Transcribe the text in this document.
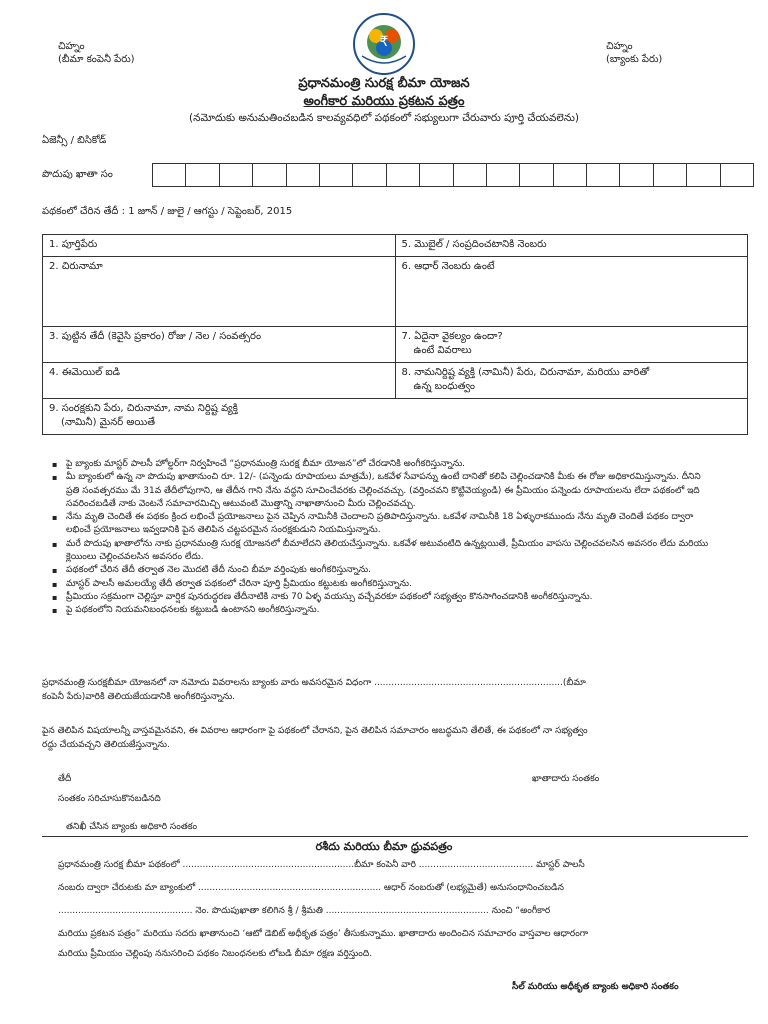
చిహ్నం
(బీమా కంపెనీ పేరు)
చిహ్నం
(బ్యాంకు పేరు)
₹
ప్రధానమంత్రి సురక్ష బీమా యోజన
అంగీకార మరియు ప్రకటన పత్రం
(నమోదుకు అనుమతించబడిన కాలవ్యవధిలో పథకంలో సభ్యులుగా చేరువారు పూర్తి చేయవలెను)
ఏజెన్సీ / బిసికోడ్
పొదుపు ఖాతా సం
పథకంలో చేరిన తేదీ : 1 జూన్ / జులై / ఆగస్టు / సెప్టెంబర్, 2015
1. పూర్తిపేరు	5. మొబైల్ / సంప్రదించటానికి నెంబరు
2. చిరునామా	6. ఆధార్ నెంబరు ఉంటే
3. పుట్టిన తేదీ (కెవైసి ప్రకారం) రోజు / నెల / సంవత్సరం	7. ఏదైనా వైకల్యం ఉందా?
ఉంటే వివరాలు

4. ఈమెయిల్ ఐడి	8. నామనిర్దిష్ట వ్యక్తి (నామినీ) పేరు, చిరునామా, మరియు వారితో
ఉన్న బంధుత్వం

9. సంరక్షకుని పేరు, చిరునామా, నామ నిర్దిష్ట వ్యక్తి
(నామినీ) మైనర్ అయితే	
▪ పై బ్యాంకు మాస్టర్ పాలసీ హోల్డర్‌గా నిర్వహించే “ప్రధానమంత్రి సురక్ష బీమా యోజన”లో చేరడానికి అంగీకరిస్తున్నాను.
▪ మీ బ్యాంకులో ఉన్న నా పొదుపు ఖాతానుంచి రూ. 12/- (పన్నెండు రూపాయలు మాత్రమే), ఒకవేళ సేవాపన్ను ఉంటే దానితో కలిపి చెల్లించడానికి మీకు ఈ రోజు అధికారమిస్తున్నాను. దీనిని ప్రతి సంవత్సరము మే 31వ తేదీలోపుగాని, ఆ తేదీన గాని నేను వద్దని సూచించేవరకు చెల్లించవచ్చు. (వర్తించవని కొట్టివెయ్యండి) ఈ ప్రీమియం పన్నెండు రూపాయలను లేదా పథకంలో ఇది సవరించబడితే నాకు వెంటనే సమాచారమిచ్చి ఆటువంటి మొత్తాన్ని నాఖాతానుంచి మీరు చెల్లించవచ్చు.
▪ నేను మృతి చెందితే ఈ పథకం క్రింద లభించే ప్రయోజనాలు పైన చెప్పిన నామినీకి చెందాలని ప్రతిపాదిస్తున్నాను. ఒకవేళ నామినీకి 18 ఏళ్ళురాకముందు నేను మృతి చెందితే పథకం ద్వారా లభించే ప్రయోజనాలు ఇవ్వడానికి పైన తెలిపిన చట్టపరమైన సంరక్షకుడుని నియమిస్తున్నాను.
▪ మరే పొదుపు ఖాతాలోను నాకు ప్రధానమంత్రి సురక్ష యోజనలో బీమాలేదని తెలియచేస్తున్నాను. ఒకవేళ అటువంటిది ఉన్నట్లయితే, ప్రీమియం వాపసు చెల్లించవలసిన అవసరం లేదు మరియు క్లెయింలు చెల్లించవలసిన అవసరం లేదు.
▪ పథకంలో చేరిన తేదీ తర్వాత నెల మొదటి తేదీ నుంచి బీమా వర్తింపుకు అంగీకరిస్తున్నాను.
▪ మాస్టర్ పాలసీ అమలయ్యే తేదీ తర్వాత పథకంలో చేరినా పూర్తి ప్రీమియం కట్టుటకు అంగీకరిస్తున్నాను.
▪ ప్రీమియం సక్రమంగా చెల్లిస్తూ వార్షిక పునరుద్ధరణ తేదీనాటికి నాకు 70 ఏళ్ళ వయస్సు వచ్చేవరకూ పథకంలో సభ్యత్వం కొనసాగించడానికి అంగీకరిస్తున్నాను.
▪ పై పథకంలోని నియమనిబంధనలకు కట్టుబడి ఉంటానని అంగీకరిస్తున్నాను.
ప్రధానమంత్రి సురక్షబీమా యోజనలో నా నమోదు వివరాలను బ్యాంకు వారు అవసరమైన విధంగా ..................................................................(బీమా
కంపెనీ పేరు)వారికి తెలియజేయడానికి అంగీకరిస్తున్నాను.
పైన తెలిపిన విషయాలన్నీ వాస్తవమైనవని, ఈ వివరాల ఆధారంగా పై పథకంలో చేరానని, పైన తెలిపిన సమాచారం అబద్ధమని తేలితే, ఈ పథకంలో నా సభ్యత్వం
రద్దు చేయవచ్చని తెలియజేస్తున్నాను.
తేదీ	ఖాతాదారు సంతకం
సంతకం సరిచూసుకొనబడినది
తనిఖీ చేసిన బ్యాంకు అధికారి సంతకం
రశీదు మరియు బీమా ధ్రువపత్రం
ప్రధానమంత్రి సురక్ష బీమా పథకంలో ............................................................బీమా కంపెనీ వారి ........................................ మాస్టర్ పాలసీ
నంబరు ద్వారా చేరుటకు మా బ్యాంకులో ................................................................ ఆధార్ నంబరుతో (లభ్యమైతే) అనుసంధానించబడిన
............................................... నెం. పొదుపుఖాతా కలిగిన శ్రీ / శ్రీమతి ......................................................... నుంచి “అంగీకార
మరియు ప్రకటన పత్రం” మరియు సదరు ఖాతానుంచి ‘ఆటో డెబిట్ అధీకృత పత్రం’ తీసుకున్నాము. ఖాతాదారు అందించిన సమాచారం వాస్తవాల ఆధారంగా
మరియు ప్రీమియం చెల్లింపు ననుసరించి పథకం నిబంధనలకు లోబడి బీమా రక్షణ వర్తిస్తుంది.
సీల్ మరియు అధీకృత బ్యాంకు అధికారి సంతకం
